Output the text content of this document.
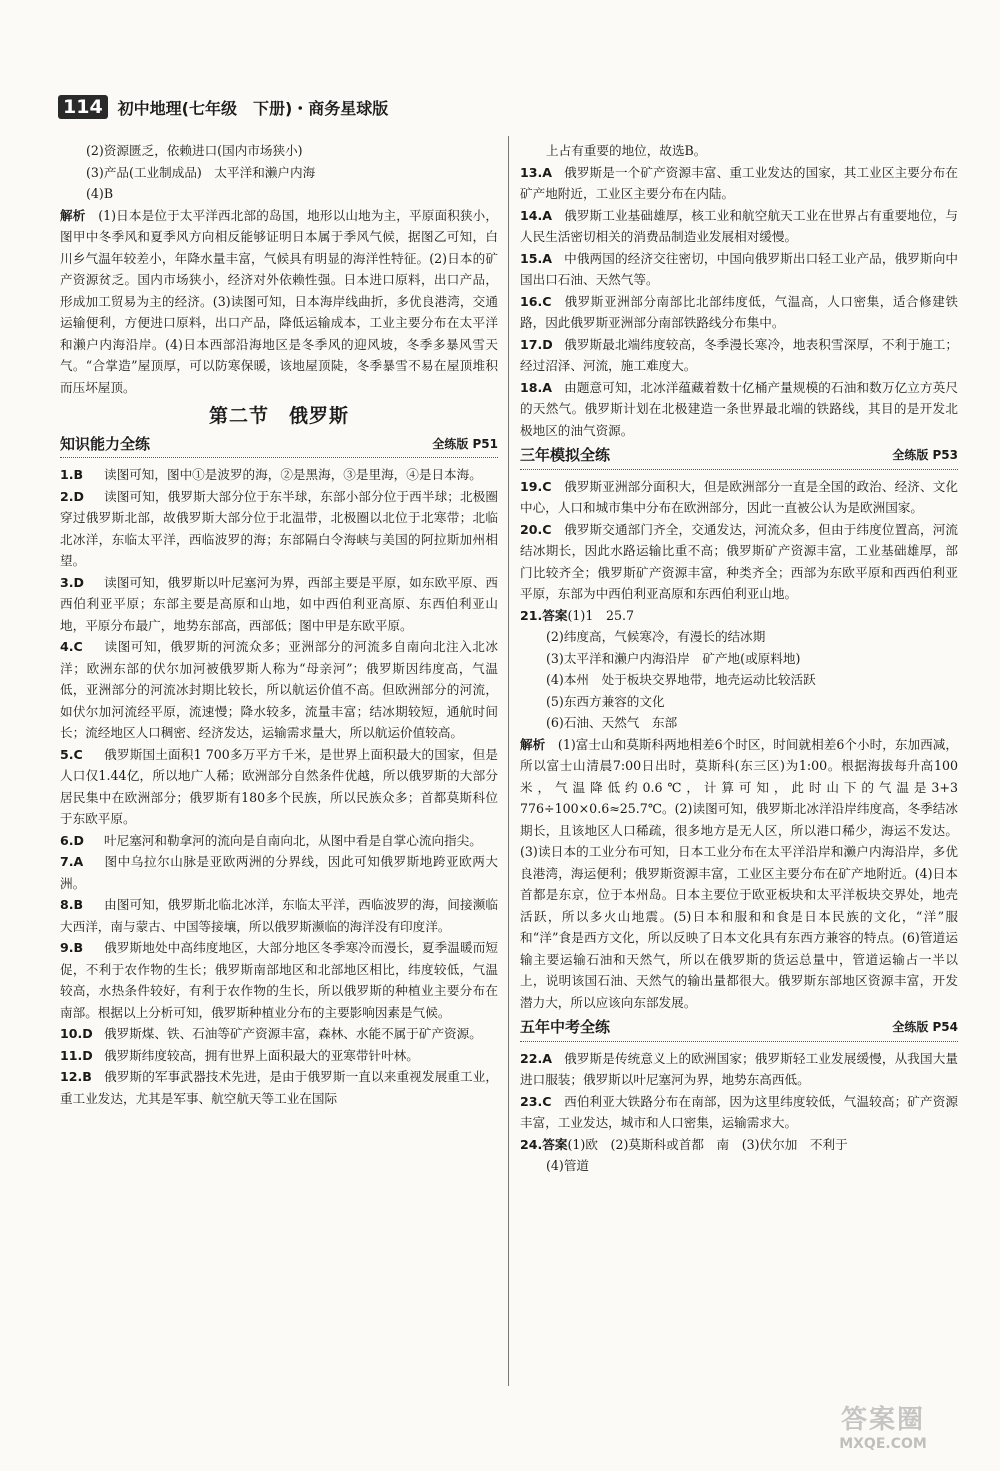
114 初中地理(七年级　下册)・商务星球版

(2)资源匮乏，依赖进口(国内市场狭小)

(3)产品(工业制成品)　太平洋和濑户内海

(4)B

解析　 (1)日本是位于太平洋西北部的岛国，地形以山地为主，平原面积狭小，图甲中冬季风和夏季风方向相反能够证明日本属于季风气候，据图乙可知，白川乡气温年较差小，年降水量丰富，气候具有明显的海洋性特征。(2)日本的矿产资源贫乏。国内市场狭小，经济对外依赖性强。日本进口原料，出口产品，形成加工贸易为主的经济。(3)读图可知，日本海岸线曲折，多优良港湾，交通运输便利，方便进口原料，出口产品，降低运输成本，工业主要分布在太平洋和濑户内海沿岸。(4)日本西部沿海地区是冬季风的迎风坡，冬季多暴风雪天气。“合掌造”屋顶厚，可以防寒保暖，该地屋顶陡，冬季暴雪不易在屋顶堆积而压坏屋顶。

第二节　俄罗斯
知识能力全练	全练版 P51

1.B 读图可知，图中①是波罗的海，②是黑海，③是里海，④是日本海。

2.D 读图可知，俄罗斯大部分位于东半球，东部小部分位于西半球；北极圈穿过俄罗斯北部，故俄罗斯大部分位于北温带，北极圈以北位于北寒带；北临北冰洋，东临太平洋，西临波罗的海；东部隔白令海峡与美国的阿拉斯加州相望。

3.D 读图可知，俄罗斯以叶尼塞河为界，西部主要是平原，如东欧平原、西西伯利亚平原；东部主要是高原和山地，如中西伯利亚高原、东西伯利亚山地，平原分布最广，地势东部高，西部低；图中甲是东欧平原。

4.C 读图可知，俄罗斯的河流众多；亚洲部分的河流多自南向北注入北冰洋；欧洲东部的伏尔加河被俄罗斯人称为“母亲河”；俄罗斯因纬度高，气温低，亚洲部分的河流冰封期比较长，所以航运价值不高。但欧洲部分的河流，如伏尔加河流经平原，流速慢；降水较多，流量丰富；结冰期较短，通航时间长；流经地区人口稠密、经济发达，运输需求量大，所以航运价值较高。

5.C 俄罗斯国土面积1 700多万平方千米，是世界上面积最大的国家，但是人口仅1.44亿，所以地广人稀；欧洲部分自然条件优越，所以俄罗斯的大部分居民集中在欧洲部分；俄罗斯有180多个民族，所以民族众多；首都莫斯科位于东欧平原。

6.D 叶尼塞河和勒拿河的流向是自南向北，从图中看是自掌心流向指尖。

7.A 图中乌拉尔山脉是亚欧两洲的分界线，因此可知俄罗斯地跨亚欧两大洲。

8.B 由图可知，俄罗斯北临北冰洋，东临太平洋，西临波罗的海，间接濒临大西洋，南与蒙古、中国等接壤，所以俄罗斯濒临的海洋没有印度洋。

9.B 俄罗斯地处中高纬度地区，大部分地区冬季寒冷而漫长，夏季温暖而短促，不利于农作物的生长；俄罗斯南部地区和北部地区相比，纬度较低，气温较高，水热条件较好，有利于农作物的生长，所以俄罗斯的种植业主要分布在南部。根据以上分析可知，俄罗斯种植业分布的主要影响因素是气候。

10.D 俄罗斯煤、铁、石油等矿产资源丰富，森林、水能不属于矿产资源。

11.D 俄罗斯纬度较高，拥有世界上面积最大的亚寒带针叶林。

12.B 俄罗斯的军事武器技术先进，是由于俄罗斯一直以来重视发展重工业，重工业发达，尤其是军事、航空航天等工业在国际

上占有重要的地位，故选B。

13.A 俄罗斯是一个矿产资源丰富、重工业发达的国家，其工业区主要分布在矿产地附近，工业区主要分布在内陆。

14.A 俄罗斯工业基础雄厚，核工业和航空航天工业在世界占有重要地位，与人民生活密切相关的消费品制造业发展相对缓慢。

15.A 中俄两国的经济交往密切，中国向俄罗斯出口轻工业产品，俄罗斯向中国出口石油、天然气等。

16.C 俄罗斯亚洲部分南部比北部纬度低，气温高，人口密集，适合修建铁路，因此俄罗斯亚洲部分南部铁路线分布集中。

17.D 俄罗斯最北端纬度较高，冬季漫长寒冷，地表积雪深厚，不利于施工；经过沼泽、河流，施工难度大。

18.A 由题意可知，北冰洋蕴藏着数十亿桶产量规模的石油和数万亿立方英尺的天然气。俄罗斯计划在北极建造一条世界最北端的铁路线，其目的是开发北极地区的油气资源。

三年模拟全练	全练版 P53

19.C 俄罗斯亚洲部分面积大，但是欧洲部分一直是全国的政治、经济、文化中心，人口和城市集中分布在欧洲部分，因此一直被公认为是欧洲国家。

20.C 俄罗斯交通部门齐全，交通发达，河流众多，但由于纬度位置高，河流结冰期长，因此水路运输比重不高；俄罗斯矿产资源丰富，工业基础雄厚，部门比较齐全；俄罗斯矿产资源丰富，种类齐全；西部为东欧平原和西西伯利亚平原，东部为中西伯利亚高原和东西伯利亚山地。

21.答案(1)1　25.7

(2)纬度高，气候寒冷，有漫长的结冰期

(3)太平洋和濑户内海沿岸　矿产地(或原料地)

(4)本州　处于板块交界地带，地壳运动比较活跃

(5)东西方兼容的文化

(6)石油、天然气　东部

解析　 (1)富士山和莫斯科两地相差6个时区，时间就相差6个小时，东加西减，所以富士山清晨7:00日出时，莫斯科(东三区)为1:00。根据海拔每升高100米，气温降低约0.6℃，计算可知，此时山下的气温是3+3 776÷100×0.6≈25.7℃。(2)读图可知，俄罗斯北冰洋沿岸纬度高，冬季结冰期长，且该地区人口稀疏，很多地方是无人区，所以港口稀少，海运不发达。(3)读日本的工业分布可知，日本工业分布在太平洋沿岸和濑户内海沿岸，多优良港湾，海运便利；俄罗斯资源丰富，工业区主要分布在矿产地附近。(4)日本首都是东京，位于本州岛。日本主要位于欧亚板块和太平洋板块交界处，地壳活跃，所以多火山地震。(5)日本和服和和食是日本民族的文化，“洋”服和“洋”食是西方文化，所以反映了日本文化具有东西方兼容的特点。(6)管道运输主要运输石油和天然气，所以在俄罗斯的货运总量中，管道运输占一半以上，说明该国石油、天然气的输出量都很大。俄罗斯东部地区资源丰富，开发潜力大，所以应该向东部发展。

五年中考全练	全练版 P54

22.A 俄罗斯是传统意义上的欧洲国家；俄罗斯轻工业发展缓慢，从我国大量进口服装；俄罗斯以叶尼塞河为界，地势东高西低。

23.C 西伯利亚大铁路分布在南部，因为这里纬度较低，气温较高；矿产资源丰富，工业发达，城市和人口密集，运输需求大。

24.答案(1)欧　(2)莫斯科或首都　南　(3)伏尔加　不利于

(4)管道

答案圈
MXQE.COM
